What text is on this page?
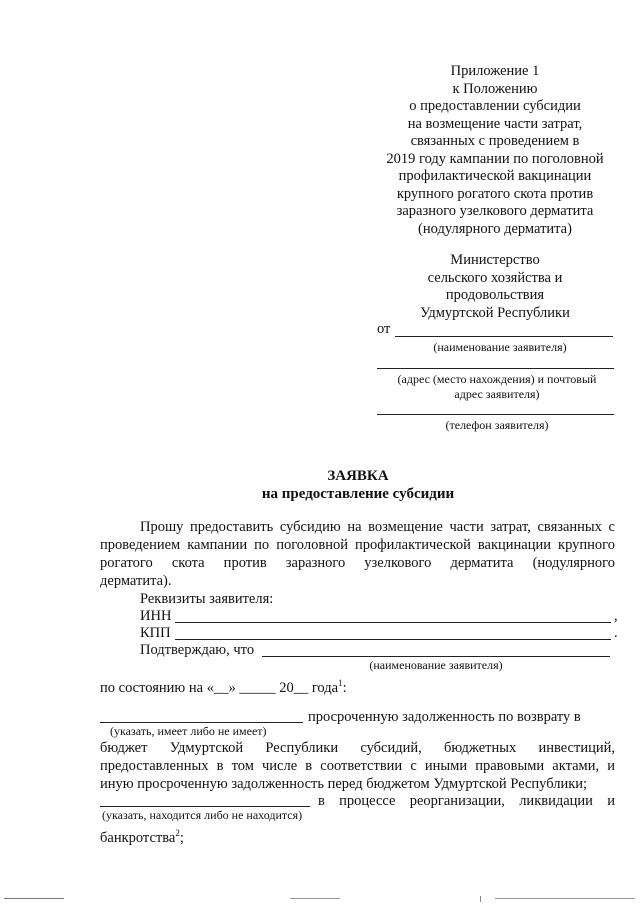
Приложение 1
к Положению
о предоставлении субсидии
на возмещение части затрат,
связанных с проведением в
2019 году кампании по поголовной
профилактической вакцинации
крупного рогатого скота против
заразного узелкового дерматита
(нодулярного дерматита)
Министерство
сельского хозяйства и
продовольствия
Удмуртской Республики
от
(наименование заявителя)
(адрес (место нахождения) и почтовый
адрес заявителя)
(телефон заявителя)
ЗАЯВКА
на предоставление субсидии
Прошу предоставить субсидию на возмещение части затрат, связанных с
проведением кампании по поголовной профилактической вакцинации крупного
рогатого скота против заразного узелкового дерматита (нодулярного
дерматита).
Реквизиты заявителя:
ИНН	,
КПП	.
Подтверждаю, что
(наименование заявителя)
по состоянию на «__» _____ 20__ года$^1$:
просроченную задолженность по возврату в
(указать, имеет либо не имеет)
бюджет Удмуртской Республики субсидий, бюджетных инвестиций,
предоставленных в том числе в соответствии с иными правовыми актами, и
иную просроченную задолженность перед бюджетом Удмуртской Республики;
в процессе реорганизации, ликвидации и
(указать, находится либо не находится)
банкротства$^2$;
